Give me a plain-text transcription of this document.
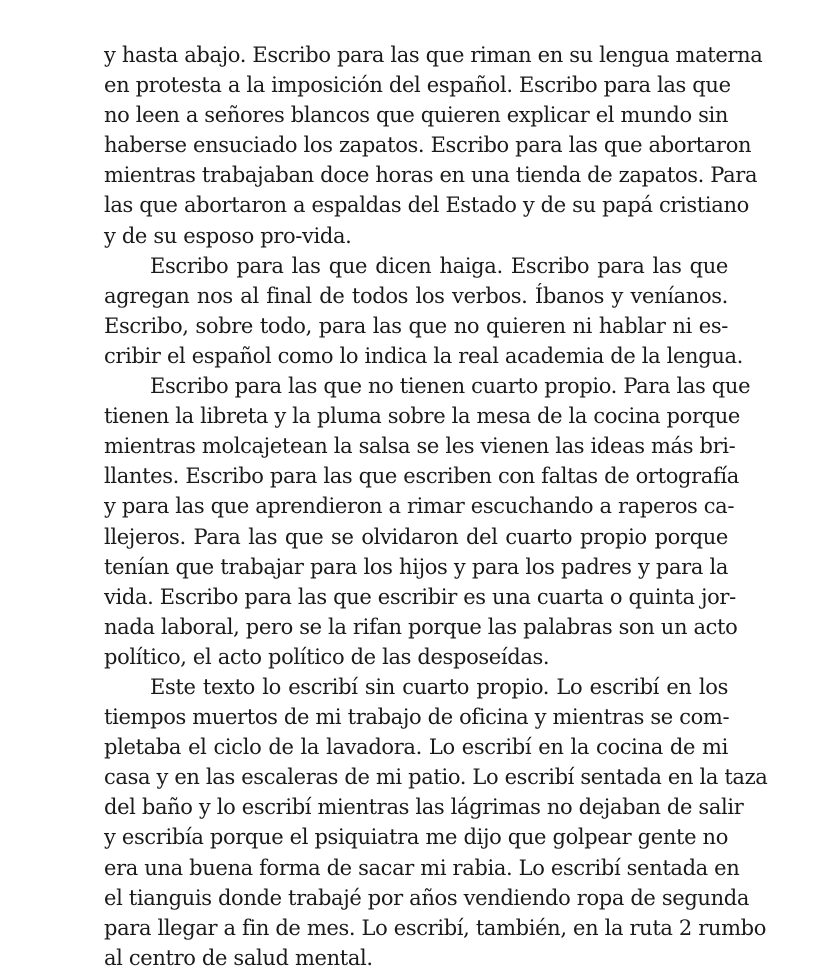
y hasta abajo. Escribo para las que riman en su lengua materna
en protesta a la imposición del español. Escribo para las que
no leen a señores blancos que quieren explicar el mundo sin
haberse ensuciado los zapatos. Escribo para las que abortaron
mientras trabajaban doce horas en una tienda de zapatos. Para
las que abortaron a espaldas del Estado y de su papá cristiano
y de su esposo pro-vida.
Escribo para las que dicen haiga. Escribo para las que
agregan nos al final de todos los verbos. Íbanos y veníanos.
Escribo, sobre todo, para las que no quieren ni hablar ni es-
cribir el español como lo indica la real academia de la lengua.
Escribo para las que no tienen cuarto propio. Para las que
tienen la libreta y la pluma sobre la mesa de la cocina porque
mientras molcajetean la salsa se les vienen las ideas más bri-
llantes. Escribo para las que escriben con faltas de ortografía
y para las que aprendieron a rimar escuchando a raperos ca-
llejeros. Para las que se olvidaron del cuarto propio porque
tenían que trabajar para los hijos y para los padres y para la
vida. Escribo para las que escribir es una cuarta o quinta jor-
nada laboral, pero se la rifan porque las palabras son un acto
político, el acto político de las desposeídas.
Este texto lo escribí sin cuarto propio. Lo escribí en los
tiempos muertos de mi trabajo de oficina y mientras se com-
pletaba el ciclo de la lavadora. Lo escribí en la cocina de mi
casa y en las escaleras de mi patio. Lo escribí sentada en la taza
del baño y lo escribí mientras las lágrimas no dejaban de salir
y escribía porque el psiquiatra me dijo que golpear gente no
era una buena forma de sacar mi rabia. Lo escribí sentada en
el tianguis donde trabajé por años vendiendo ropa de segunda
para llegar a fin de mes. Lo escribí, también, en la ruta 2 rumbo
al centro de salud mental.
